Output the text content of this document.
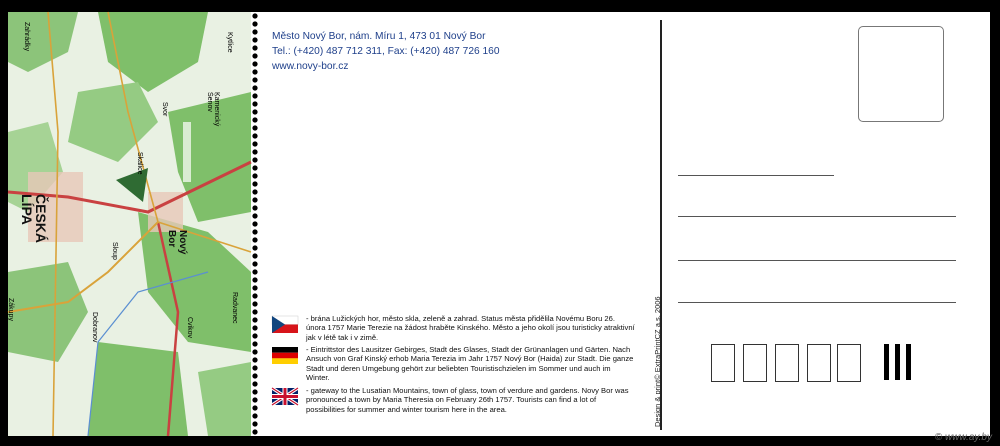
ČESKÁ
LÍPA
Nový
Bor
Zákupy
Cvikov
Kamenický Šenov
Skalice
Sloup
Svor
Zahrádky
Dobranov
Kytlice
Radvanec
Město Nový Bor, nám. Míru 1, 473 01 Nový Bor
Tel.: (+420) 487 712 311, Fax: (+420) 487 726 160
www.novy-bor.cz
- brána Lužických hor, město skla, zeleně a zahrad. Status města přidělila Novému Boru 26. února 1757 Marie Terezie na žádost hraběte Kinského. Město a jeho okolí jsou turisticky atraktivní jak v létě tak i v zimě.
- Eintrittstor des Lausitzer Gebirges, Stadt des Glases, Stadt der Grünanlagen und Gärten. Nach Ansuch von Graf Kinský erhob Maria Terezia im Jahr 1757 Nový Bor (Haida) zur Stadt. Die ganze Stadt und deren Umgebung gehört zur beliebten Touristischzielen im Sommer und auch im Winter.
- gateway to the Lusatian Mountains, town of glass, town of verdure and gardens. Novy Bor was pronounced a town by Maria Theresia on February 26th 1757. Tourists can find a lot of possibilities for summer and winter tourism here in the area.	Design & print© ExtraPrintCZ a.s. 2006
© www.ay.by
